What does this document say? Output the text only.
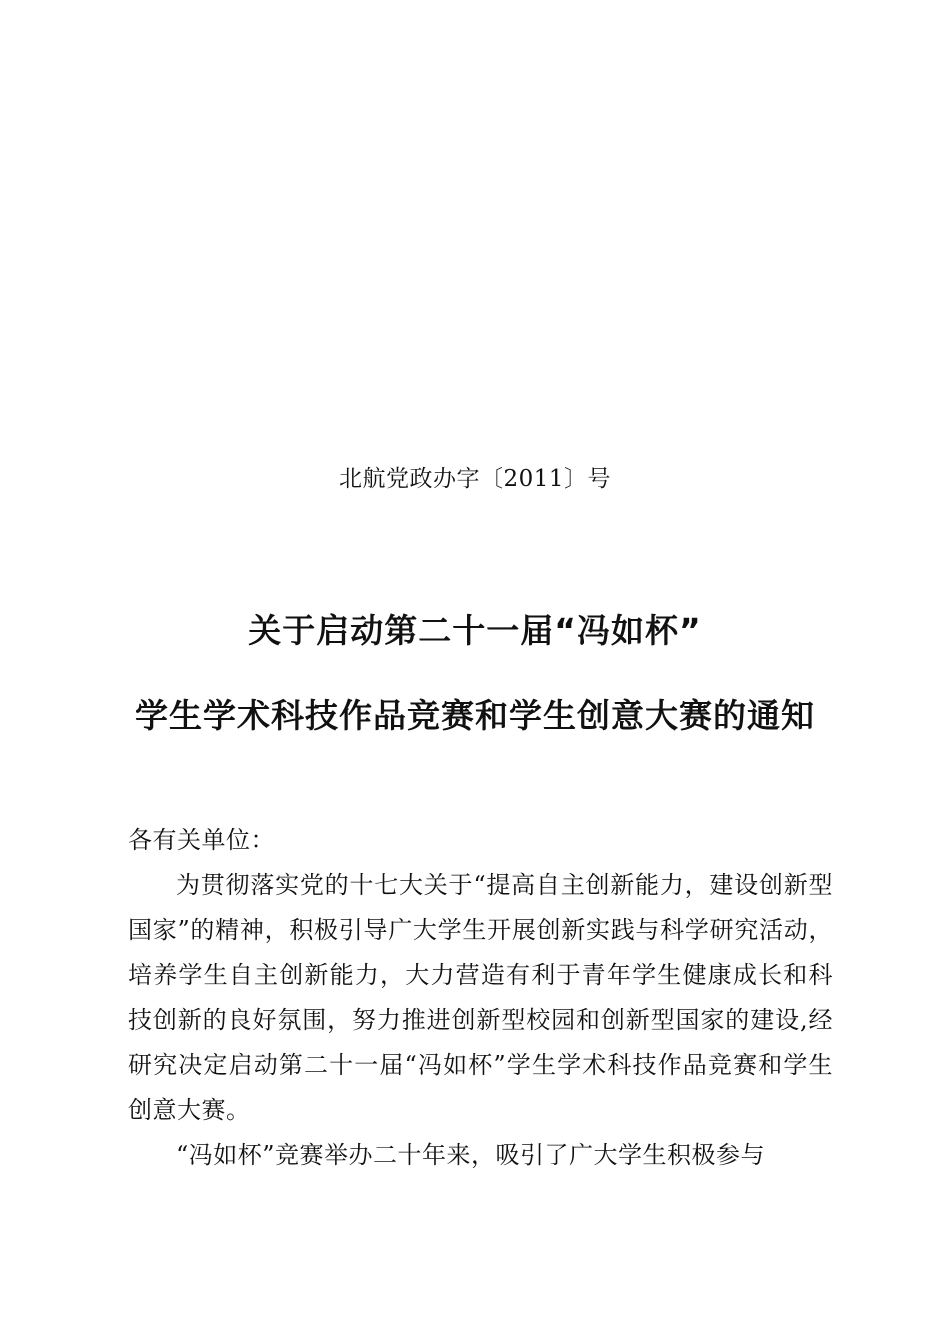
北航党政办字〔2011〕号
关于启动第二十一届“冯如杯”
学生学术科技作品竞赛和学生创意大赛的通知

各有关单位：

为贯彻落实党的十七大关于“提高自主创新能力，建设创新型国家”的精神，积极引导广大学生开展创新实践与科学研究活动，培养学生自主创新能力，大力营造有利于青年学生健康成长和科技创新的良好氛围，努力推进创新型校园和创新型国家的建设,经研究决定启动第二十一届“冯如杯”学生学术科技作品竞赛和学生创意大赛。

“冯如杯”竞赛举办二十年来，吸引了广大学生积极参与
